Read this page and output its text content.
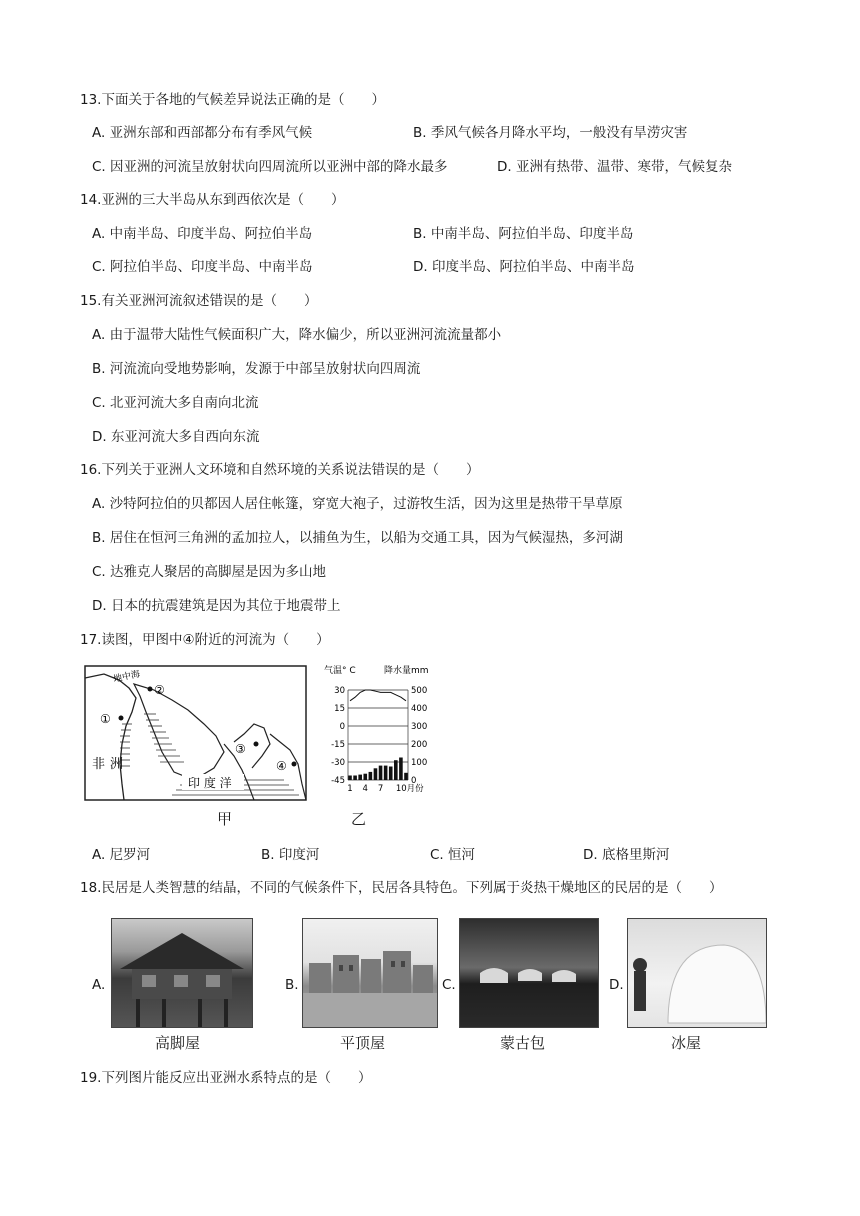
13.下面关于各地的气候差异说法正确的是（　　）
A. 亚洲东部和西部都分布有季风气候	B. 季风气候各月降水平均，一般没有旱涝灾害
C. 因亚洲的河流呈放射状向四周流所以亚洲中部的降水最多	D. 亚洲有热带、温带、寒带，气候复杂
14.亚洲的三大半岛从东到西依次是（　　）
A. 中南半岛、印度半岛、阿拉伯半岛	B. 中南半岛、阿拉伯半岛、印度半岛
C. 阿拉伯半岛、印度半岛、中南半岛	D. 印度半岛、阿拉伯半岛、中南半岛
15.有关亚洲河流叙述错误的是（　　）
A. 由于温带大陆性气候面积广大，降水偏少，所以亚洲河流流量都小
B. 河流流向受地势影响，发源于中部呈放射状向四周流
C. 北亚河流大多自南向北流
D. 东亚河流大多自西向东流
16.下列关于亚洲人文环境和自然环境的关系说法错误的是（　　）
A. 沙特阿拉伯的贝都因人居住帐篷，穿宽大袍子，过游牧生活，因为这里是热带干旱草原
B. 居住在恒河三角洲的孟加拉人，以捕鱼为生，以船为交通工具，因为气候湿热，多河湖
C. 达雅克人聚居的高脚屋是因为多山地
D. 日本的抗震建筑是因为其位于地震带上
17.读图，甲图中④附近的河流为（　　）
地中海
②
①
非 洲
③
④
印 度 洋
甲
气温° C	降水量mm
30
15
0
-15
-30
-45
500
400
300
200
100
0
1 4 7 10月份
乙
A. 尼罗河	B. 印度河	C. 恒河	D. 底格里斯河
18.民居是人类智慧的结晶，不同的气候条件下，民居各具特色。下列属于炎热干燥地区的民居的是（　　）
A.
高脚屋
B.
平顶屋
C.
蒙古包
D.
冰屋
19.下列图片能反应出亚洲水系特点的是（　　）
